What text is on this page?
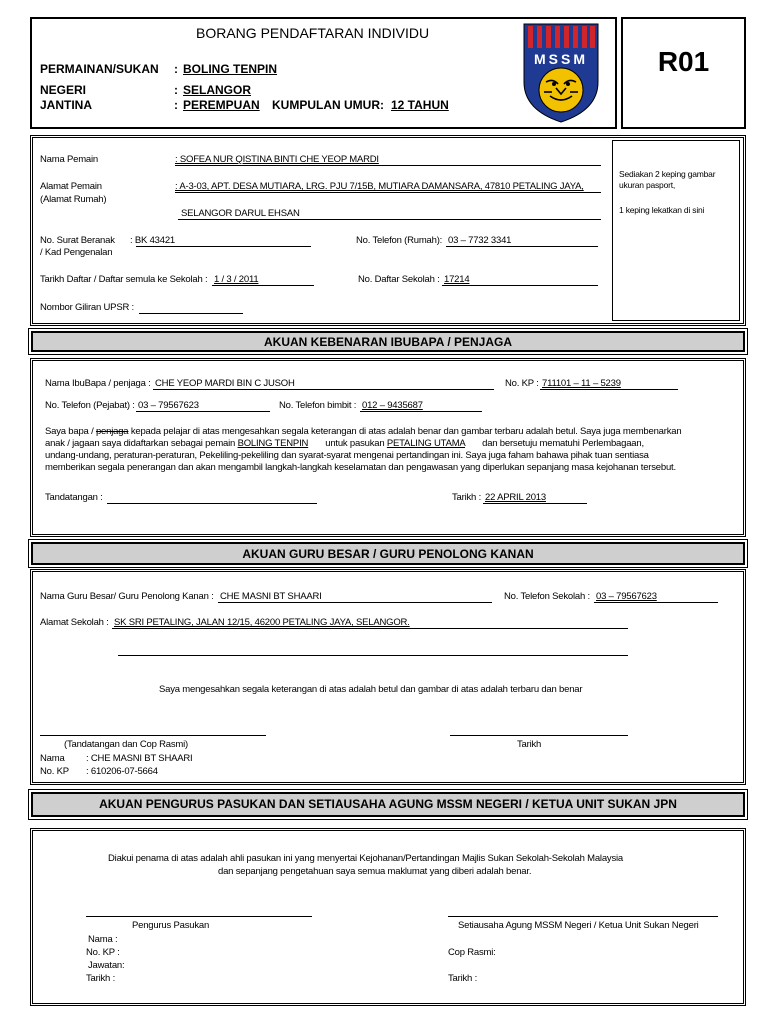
R01
BORANG PENDAFTARAN INDIVIDU
PERMAINAN/SUKAN : BOLING TENPIN
NEGERI	: SELANGOR
JANTINA	: PEREMPUAN KUMPULAN UMUR: 12 TAHUN
MSSM
Sediakan 2 keping gambar
ukuran pasport,
1 keping lekatkan di sini
Nama Pemain	: SOFEA NUR QISTINA BINTI CHE YEOP MARDI
Alamat Pemain
(Alamat Rumah)
: A-3-03, APT. DESA MUTIARA, LRG. PJU 7/15B, MUTIARA DAMANSARA, 47810 PETALING JAYA,
SELANGOR DARUL EHSAN
No. Surat Beranak
/ Kad Pengenalan
: BK 43421	No. Telefon (Rumah): 03 – 7732 3341
Tarikh Daftar / Daftar semula ke Sekolah : 1 / 3 / 2011	No. Daftar Sekolah : 17214
Nombor Giliran UPSR :
AKUAN KEBENARAN IBUBAPA / PENJAGA
Nama IbuBapa / penjaga : CHE YEOP MARDI BIN C JUSOH	No. KP : 711101 – 11 – 5239
No. Telefon (Pejabat) : 03 – 79567623	No. Telefon bimbit : 012 – 9435687
Saya bapa / penjaga kepada pelajar di atas mengesahkan segala keterangan di atas adalah benar dan gambar terbaru adalah betul. Saya juga membenarkan
anak / jagaan saya didaftarkan sebagai pemain BOLING TENPIN       untuk pasukan PETALING UTAMA       dan bersetuju mematuhi Perlembagaan,
undang-undang, peraturan-peraturan, Pekeliling-pekeliling dan syarat-syarat mengenai pertandingan ini. Saya juga faham bahawa pihak tuan sentiasa
memberikan segala penerangan dan akan mengambil langkah-langkah keselamatan dan pengawasan yang diperlukan sepanjang masa kejohanan tersebut.
Tandatangan :	Tarikh : 22 APRIL 2013
AKUAN GURU BESAR / GURU PENOLONG KANAN
Nama Guru Besar/ Guru Penolong Kanan : CHE MASNI BT SHAARI	No. Telefon Sekolah : 03 – 79567623
Alamat Sekolah : SK SRI PETALING, JALAN 12/15, 46200 PETALING JAYA, SELANGOR.
Saya mengesahkan segala keterangan di atas adalah betul dan gambar di atas adalah terbaru dan benar
(Tandatangan dan Cop Rasmi)	Tarikh
Nama : CHE MASNI BT SHAARI
No. KP : 610206-07-5664
AKUAN PENGURUS PASUKAN DAN SETIAUSAHA AGUNG MSSM NEGERI / KETUA UNIT SUKAN JPN
Diakui penama di atas adalah ahli pasukan ini yang menyertai Kejohanan/Pertandingan Majlis Sukan Sekolah-Sekolah Malaysia
dan sepanjang pengetahuan saya semua maklumat yang diberi adalah benar.
Pengurus Pasukan	Setiausaha Agung MSSM Negeri / Ketua Unit Sukan Negeri
Nama :
No. KP :
Jawatan:
Tarikh :
Cop Rasmi:
Tarikh :
